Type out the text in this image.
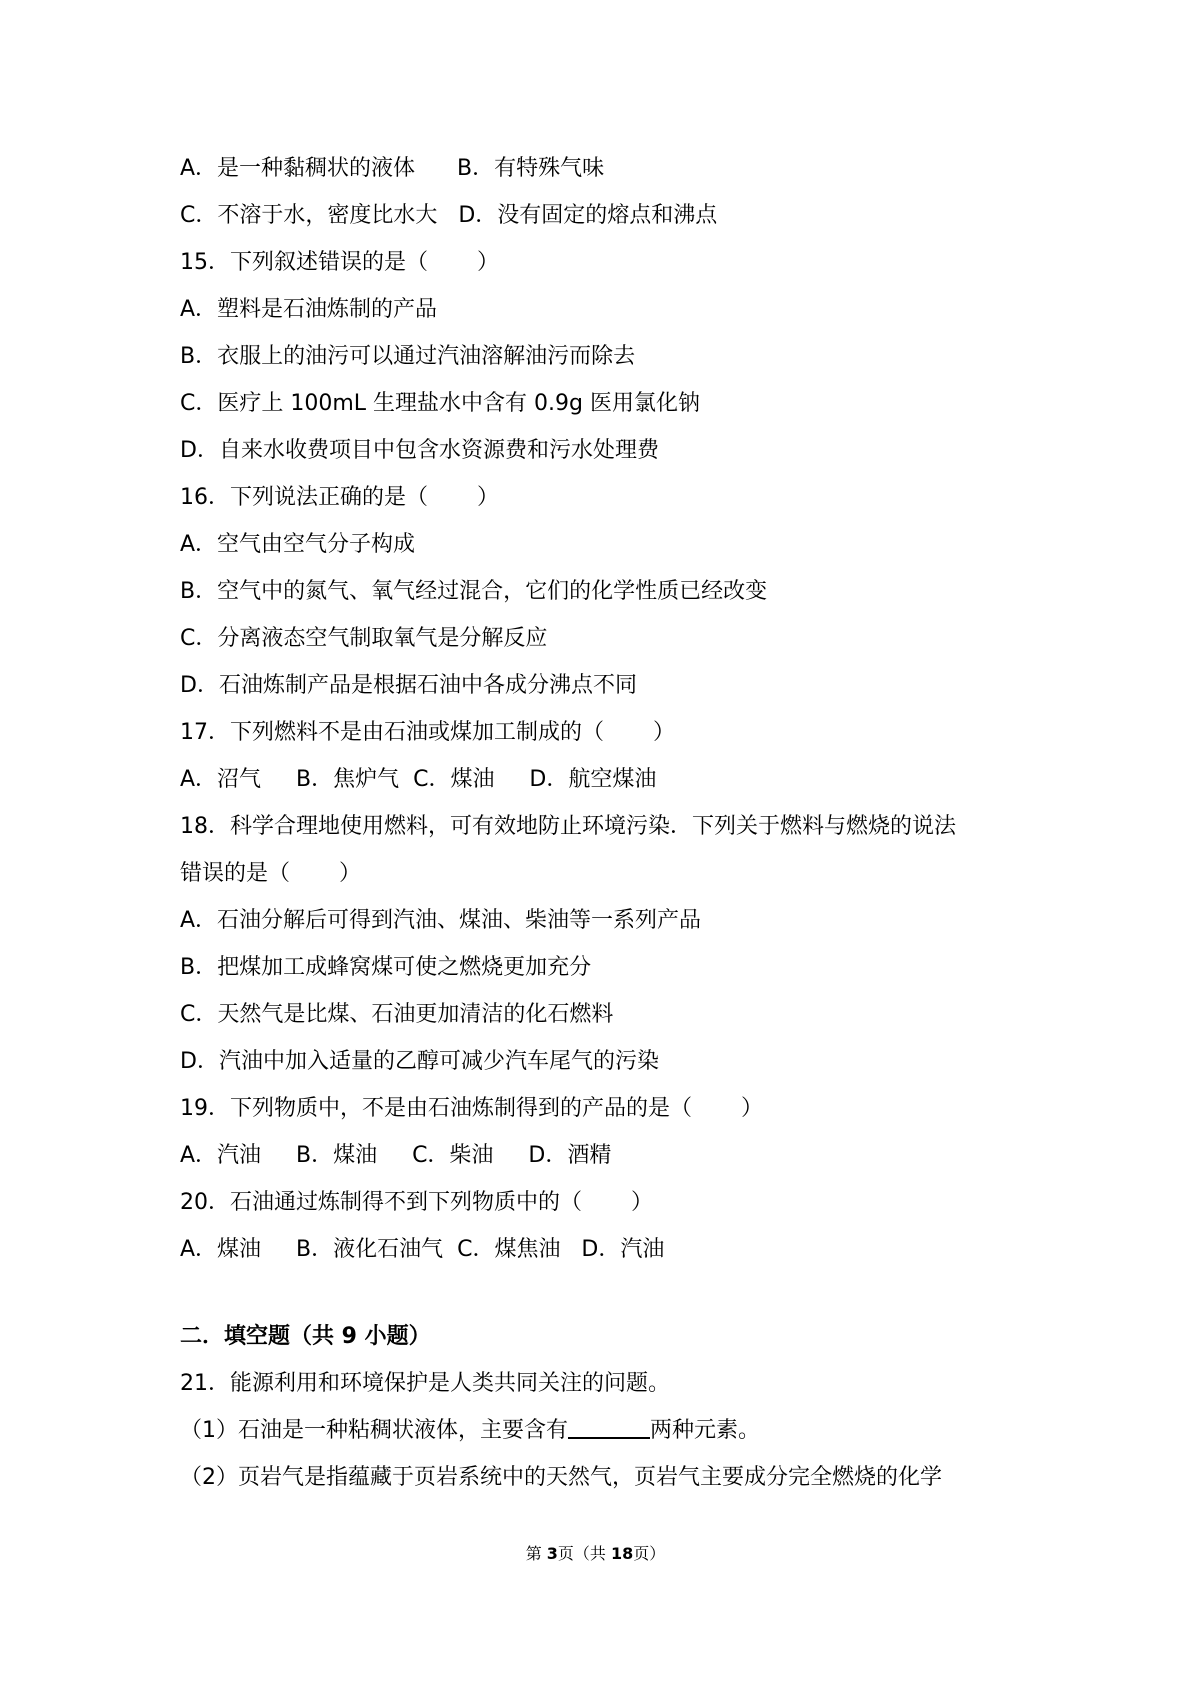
A．是一种黏稠状的液体      B．有特殊气味
C．不溶于水，密度比水大   D．没有固定的熔点和沸点
15．下列叙述错误的是（       ）
A．塑料是石油炼制的产品
B．衣服上的油污可以通过汽油溶解油污而除去
C．医疗上 100mL 生理盐水中含有 0.9g 医用氯化钠
D．自来水收费项目中包含水资源费和污水处理费
16．下列说法正确的是（       ）
A．空气由空气分子构成
B．空气中的氮气、氧气经过混合，它们的化学性质已经改变
C．分离液态空气制取氧气是分解反应
D．石油炼制产品是根据石油中各成分沸点不同
17．下列燃料不是由石油或煤加工制成的（       ）
A．沼气     B．焦炉气  C．煤油     D．航空煤油
18．科学合理地使用燃料，可有效地防止环境污染．下列关于燃料与燃烧的说法
错误的是（       ）
A．石油分解后可得到汽油、煤油、柴油等一系列产品
B．把煤加工成蜂窝煤可使之燃烧更加充分
C．天然气是比煤、石油更加清洁的化石燃料
D．汽油中加入适量的乙醇可减少汽车尾气的污染
19．下列物质中，不是由石油炼制得到的产品的是（       ）
A．汽油     B．煤油     C．柴油     D．酒精
20．石油通过炼制得不到下列物质中的（       ）
A．煤油     B．液化石油气  C．煤焦油   D．汽油
二．填空题（共 9 小题）
21．能源利用和环境保护是人类共同关注的问题。
（1）石油是一种粘稠状液体，主要含有	两种元素。
（2）页岩气是指蕴藏于页岩系统中的天然气，页岩气主要成分完全燃烧的化学
第 3页（共 18页）
